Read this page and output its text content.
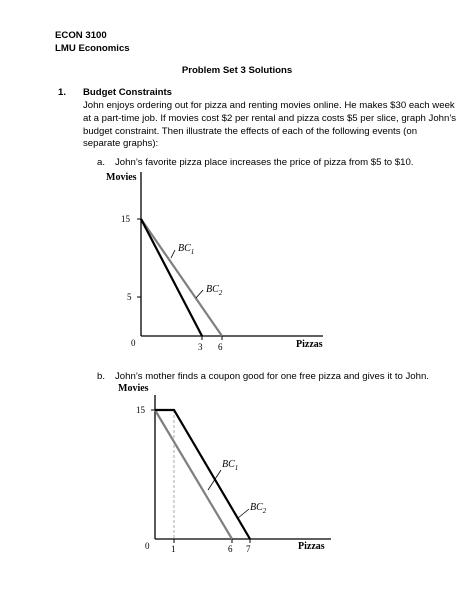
ECON 3100
LMU Economics
Problem Set 3 Solutions
1. Budget Constraints
John enjoys ordering out for pizza and renting movies online. He makes $30 each week
at a part-time job. If movies cost $2 per rental and pizza costs $5 per slice, graph John’s
budget constraint. Then illustrate the effects of each of the following events (on
separate graphs):
a. John’s favorite pizza place increases the price of pizza from $5 to $10.
Movies
15
5
3 6
0	Pizzas
$BC_1$
$BC_2$
b. John’s mother finds a coupon good for one free pizza and gives it to John.
Movies
15
1	6 7
0	Pizzas
$BC_1$
$BC_2$
